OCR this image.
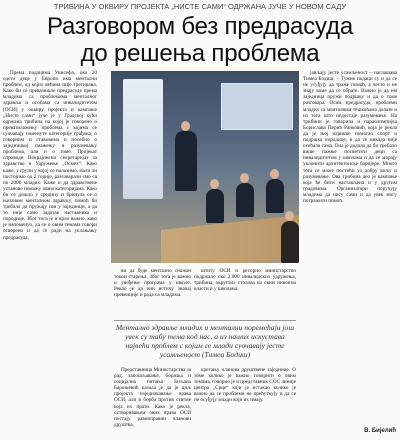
ТРИБИНА У ОКВИРУ ПРОЈЕКТА „НИСТЕ САМИ“ ОДРЖАНА ЈУЧЕ У НОВОМ САДУ
Разговором без предрасуда
до решења проблема

Према подацима Унисефа, око 20 одсто деце у Европи има ментални проблем, од којих већина није третирана. Како би се превазишле предрасуде према младима са проблемима менталног здравља и особама са инвалидитетом (ОСИ) у оквиру пројекта и кампање „Нисте сами“ јуче је у Градској кући одржана трибина на којој је говорено о превазилажењу проблема с којима се суочавају поменуте категорије грађана, о говорним и ставовима и посебно о заједничкој смањењу и разумевању проблема, али и о томе. Пројекат спроводи Покрајински секретаријат за здравство и Удружење „Осмех“. Како каже, у групи у којој се налазимо, мали ли постојимо од 2 годије, разговарали смо са по 2000 младих. Каже и да здравствене установе помажу овим категоријама. Како би се дошло у средину и бринула се о њиховом менталном здрављу, помоћ би требало да пружају сви у заједници, а да то није само задатак наставника и породице. Због тога је и врло важно, како је напоменуо, да се о овим темама говори отворено и да се ради на уклањању предрасуда.

ви да буде ментално снажан током старења. Због тога је важно и увођење програма у школе. Рекао је да они истичу значај превенције и рада са младима.

штиту ОСИ и ресорно министарство подржало око 2.000 инвалидских удружења, трибина, округлих столова на свим нивоима власти и у школама.

Ментално здравље младих и ментални поремећаји још увек су табу тема код нас, а из наших искустава највећи проблем с којим се млади суочавају јесте усамљеност (Тимеа Бодиш)

Представница Министарства за рад, запошљавање, борачка и социјална питања Биљана Барошевић казала је да је циљ пројекта изједначавање права ОСИ, али и борба против стигме која их прати. Како је рекла, остваривањем ових права ОСИ постају равноправни чланови друштва.

кретању чланова друштвене заједнице. О томе колико је важно говорити о овим темама, говорио је и представник СОС линије центра „Срце“ који је истакао колико је важно да се проблеми не прећуткују и да се не осуђују млади који их имају.

јављају јесте усамљеност – наглашава Тимеа Бодиш. – Тужно подаци су и да се не усуђују да траже помоћ, а често и не знају коме да се обрате. Важно је да им заједница пружи подршку и да о томе разговара. Осим предрасуда, проблеми младих са менталним тешкоћама долазе и из тога што недостаје разумевање. На трибини је говорила и параолимпијка Борислава Перић Ранковић, која је рекла да је њој највише помогао спорт и подршка породице, и да се никада није осећала сама. Она је додала да би требало више пажње посветити деци са инвалидитетом у школама и да се морају уклонити архитектонске баријере. Много тога се може постићи уз добру вољу и разумевање. Ова трибина део је кампање која ће бити настављена и у другим градовима. Организатори поручују младима да нису сами и да увек могу потражити помоћ.

В. Бијелић
